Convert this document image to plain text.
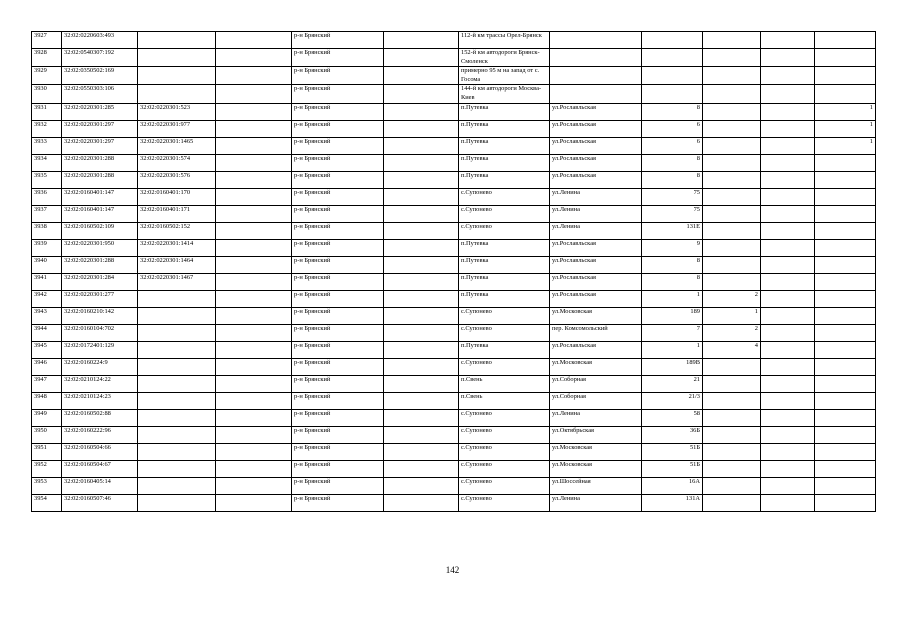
3927	32:02:0220603:493			р-н Брянский		112-й км трассы Орел-Брянск					
3928	32:02:0540307:192			р-н Брянский		152-й км автодороги Брянск-Смоленск					
3929	32:02:0350502:169			р-н Брянский		примерно 95 м на запад от с. Госома					
3930	32:02:0550303:106			р-н Брянский		144-й км автодороги Москва-Киев					
3931	32:02:0220301:285	32:02:0220301:523		р-н Брянский		п.Путевка	ул.Рославльская	8			1
3932	32:02:0220301:297	32:02:0220301:977		р-н Брянский		п.Путевка	ул.Рославльская	6			1
3933	32:02:0220301:297	32:02:0220301:1465		р-н Брянский		п.Путевка	ул.Рославльская	6			1
3934	32:02:0220301:288	32:02:0220301:574		р-н Брянский		п.Путевка	ул.Рославльская	8			
3935	32:02:0220301:288	32:02:0220301:576		р-н Брянский		п.Путевка	ул.Рославльская	8			
3936	32:02:0160401:147	32:02:0160401:170		р-н Брянский		с.Супонево	ул.Ленина	75			
3937	32:02:0160401:147	32:02:0160401:171		р-н Брянский		с.Супонево	ул.Ленина	75			
3938	32:02:0160502:109	32:02:0160502:152		р-н Брянский		с.Супонево	ул.Ленина	131Е			
3939	32:02:0220301:950	32:02:0220301:1414		р-н Брянский		п.Путевка	ул.Рославльская	9			
3940	32:02:0220301:288	32:02:0220301:1464		р-н Брянский		п.Путевка	ул.Рославльская	8			
3941	32:02:0220301:284	32:02:0220301:1467		р-н Брянский		п.Путевка	ул.Рославльская	8			
3942	32:02:0220301:277			р-н Брянский		п.Путевка	ул.Рославльская	1	2		
3943	32:02:0160210:142			р-н Брянский		с.Супонево	ул.Московская	189	1		
3944	32:02:0160104:702			р-н Брянский		с.Супонево	пер. Комсомольский	7	2		
3945	32:02:0172401:129			р-н Брянский		п.Путевка	ул.Рославльская	1	4		
3946	32:02:0160224:9			р-н Брянский		с.Супонево	ул.Московская	189В			
3947	32:02:0210124:22			р-н Брянский		п.Свень	ул.Соборная	21			
3948	32:02:0210124:23			р-н Брянский		п.Свень	ул.Соборная	21/3			
3949	32:02:0160502:88			р-н Брянский		с.Супонево	ул.Ленина	58			
3950	32:02:0160222:96			р-н Брянский		с.Супонево	ул.Октябрьская	36Б			
3951	32:02:0160504:66			р-н Брянский		с.Супонево	ул.Московская	51Б			
3952	32:02:0160504:67			р-н Брянский		с.Супонево	ул.Московская	51Б			
3953	32:02:0160405:14			р-н Брянский		с.Супонево	ул.Шоссейная	16А			
3954	32:02:0160507:46			р-н Брянский		с.Супонево	ул.Ленина	131А			
142
